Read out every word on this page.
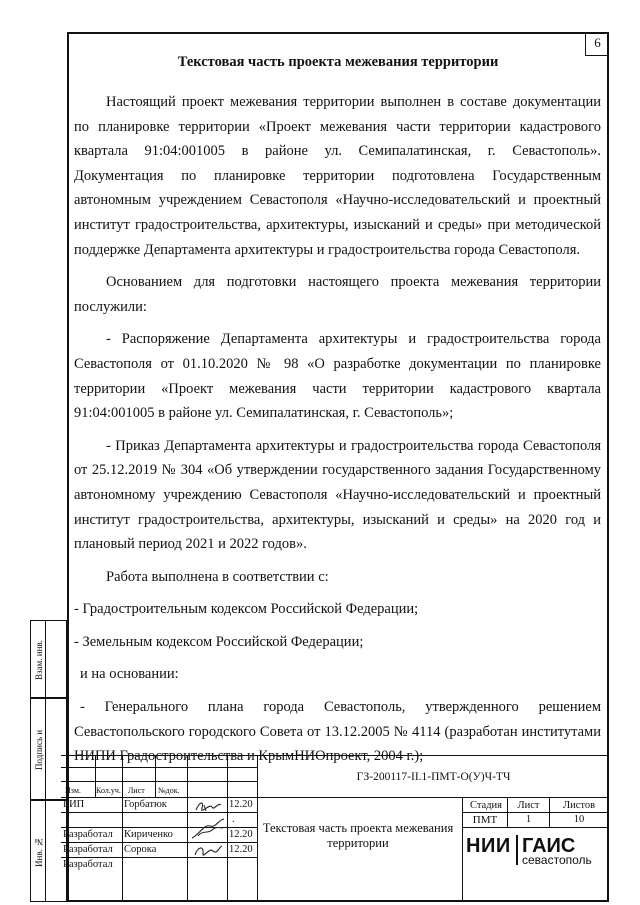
6
Текстовая часть проекта межевания территории

Настоящий проект межевания территории выполнен в составе документации по планировке территории «Проект межевания части территории кадастрового квартала 91:04:001005 в районе ул. Семипалатинская, г. Севастополь». Документация по планировке территории подготовлена Государственным автономным учреждением Севастополя «Научно-исследовательский и проектный институт градостроительства, архитектуры, изысканий и среды» при методической поддержке Департамента архитектуры и градостроительства города Севастополя.

Основанием для подготовки настоящего проекта межевания территории послужили:

- Распоряжение Департамента архитектуры и градостроительства города Севастополя от 01.10.2020 № 98 «О разработке документации по планировке территории «Проект межевания части территории кадастрового квартала 91:04:001005 в районе ул. Семипалатинская, г. Севастополь»;

- Приказ Департамента архитектуры и градостроительства города Севастополя от 25.12.2019 № 304 «Об утверждении государственного задания Государственному автономному учреждению Севастополя «Научно-исследовательский и проектный институт градостроительства, архитектуры, изысканий и среды» на 2020 год и плановый период 2021 и 2022 годов».

Работа выполнена в соответствии с:

- Градостроительным кодексом Российской Федерации;

- Земельным кодексом Российской Федерации;

и на основании:

- Генерального плана города Севастополь, утвержденного решением Севастопольского городского Совета от 13.12.2005 № 4114 (разработан институтами НИПИ Градостроительства и КрымНИОпроект, 2004 г.);

Взам. инв.
Подпись и
Инв. №
Изм. Кол.уч. Лист №док.
ГЗ-200117-II.1-ПМТ-О(У)Ч-ТЧ
ГИП	Горбатюк	12.20
.
Разработал Кириченко	12.20
Разработал Сорока	12.20
Разработал
Текстовая часть проекта межевания территории
Стадия	Лист	Листов
ПМТ	1	10
НИИ ГАИС
севастополь
